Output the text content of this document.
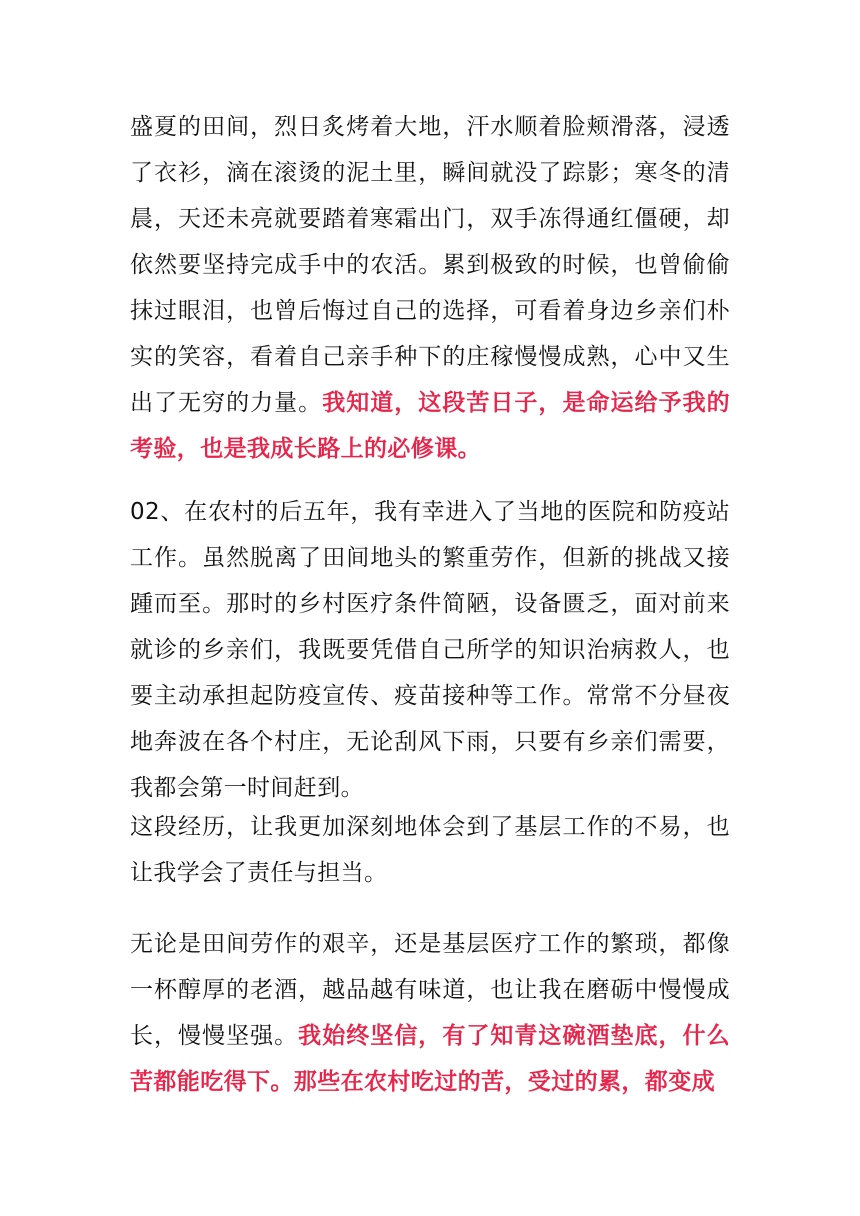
盛夏的田间，烈日炙烤着大地，汗水顺着脸颊滑落，浸透了衣衫，滴在滚烫的泥土里，瞬间就没了踪影；寒冬的清晨，天还未亮就要踏着寒霜出门，双手冻得通红僵硬，却依然要坚持完成手中的农活。累到极致的时候，也曾偷偷抹过眼泪，也曾后悔过自己的选择，可看着身边乡亲们朴实的笑容，看着自己亲手种下的庄稼慢慢成熟，心中又生出了无穷的力量。我知道，这段苦日子，是命运给予我的考验，也是我成长路上的必修课。

02、在农村的后五年，我有幸进入了当地的医院和防疫站工作。虽然脱离了田间地头的繁重劳作，但新的挑战又接踵而至。那时的乡村医疗条件简陋，设备匮乏，面对前来就诊的乡亲们，我既要凭借自己所学的知识治病救人，也要主动承担起防疫宣传、疫苗接种等工作。常常不分昼夜地奔波在各个村庄，无论刮风下雨，只要有乡亲们需要，我都会第一时间赶到。

这段经历，让我更加深刻地体会到了基层工作的不易，也让我学会了责任与担当。

无论是田间劳作的艰辛，还是基层医疗工作的繁琐，都像一杯醇厚的老酒，越品越有味道，也让我在磨砺中慢慢成长，慢慢坚强。我始终坚信，有了知青这碗酒垫底，什么苦都能吃得下。那些在农村吃过的苦，受过的累，都变成
